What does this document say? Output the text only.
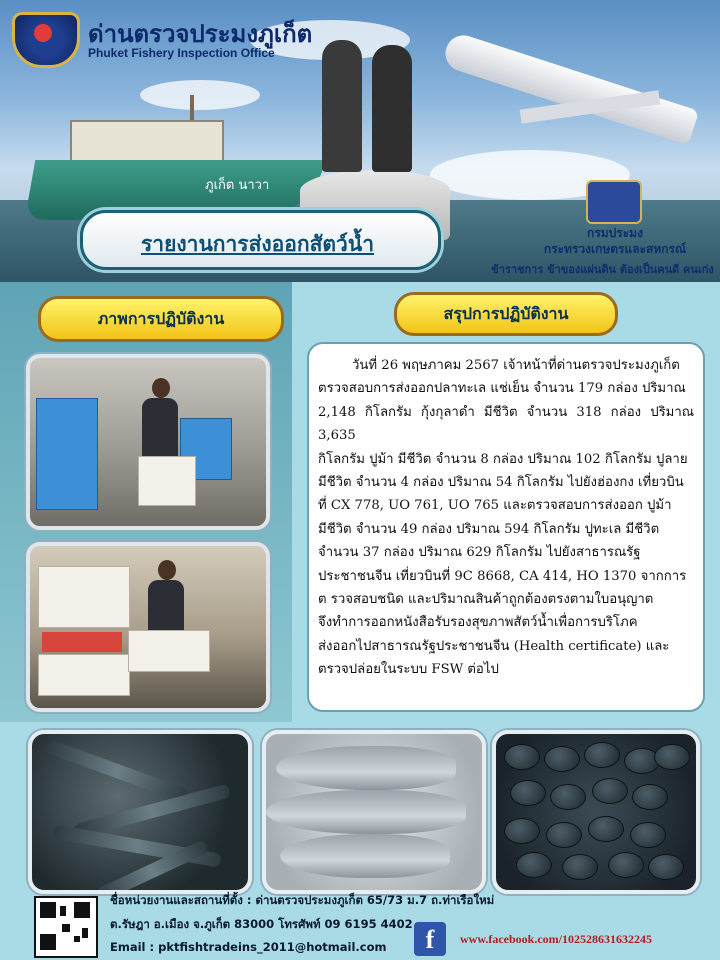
ภูเก็ต นาวา
ด่านตรวจประมงภูเก็ต
Phuket Fishery Inspection Office
รายงานการส่งออกสัตว์น้ำ	กรมประมง
กระทรวงเกษตรและสหกรณ์
ข้าราชการ ข้าของแผ่นดิน ต้องเป็นคนดี คนเก่ง
ภาพการปฏิบัติงาน	สรุปการปฏิบัติงาน
วันที่ 26 พฤษภาคม 2567 เจ้าหน้าที่ด่านตรวจประมงภูเก็ต
ตรวจสอบการส่งออกปลาทะเล แช่เย็น จำนวน 179 กล่อง ปริมาณ
2,148 กิโลกรัม กุ้งกุลาดำ มีชีวิต จำนวน 318 กล่อง ปริมาณ 3,635
กิโลกรัม ปูม้า มีชีวิต จำนวน 8 กล่อง ปริมาณ 102 กิโลกรัม ปูลาย
มีชีวิต จำนวน 4 กล่อง ปริมาณ 54 กิโลกรัม ไปยังฮ่องกง เที่ยวบิน
ที่ CX 778, UO 761, UO 765 และตรวจสอบการส่งออก ปูม้า
มีชีวิต จำนวน 49 กล่อง ปริมาณ 594 กิโลกรัม ปูทะเล มีชีวิต
จำนวน 37 กล่อง ปริมาณ 629 กิโลกรัม ไปยังสาธารณรัฐ
ประชาชนจีน เที่ยวบินที่ 9C 8668, CA 414, HO 1370 จากการ
ต รวจสอบชนิด และปริมาณสินค้าถูกต้องตรงตามใบอนุญาต
จึงทำการออกหนังสือรับรองสุขภาพสัตว์น้ำเพื่อการบริโภค
ส่งออกไปสาธารณรัฐประชาชนจีน (Health certificate) และ
ตรวจปล่อยในระบบ FSW ต่อไป
ชื่อหน่วยงานและสถานที่ตั้ง : ด่านตรวจประมงภูเก็ต 65/73 ม.7 ถ.ท่าเรือใหม่
ต.รัษฎา อ.เมือง จ.ภูเก็ต 83000 โทรศัพท์ 09 6195 4402
Email : pktfishtradeins_2011@hotmail.com	f	www.facebook.com/102528631632245
